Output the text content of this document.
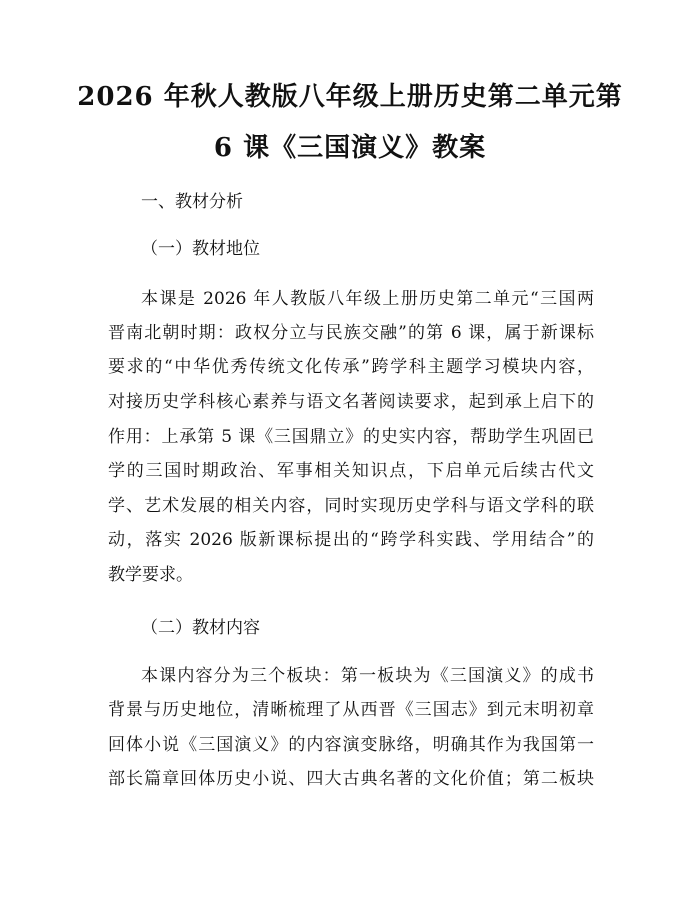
2026 年秋人教版八年级上册历史第二单元第
6 课《三国演义》教案
一、教材分析
（一）教材地位
本课是 2026 年人教版八年级上册历史第二单元“三国两
晋南北朝时期：政权分立与民族交融”的第 6 课，属于新课标
要求的“中华优秀传统文化传承”跨学科主题学习模块内容，
对接历史学科核心素养与语文名著阅读要求，起到承上启下的
作用：上承第 5 课《三国鼎立》的史实内容，帮助学生巩固已
学的三国时期政治、军事相关知识点，下启单元后续古代文
学、艺术发展的相关内容，同时实现历史学科与语文学科的联
动，落实 2026 版新课标提出的“跨学科实践、学用结合”的
教学要求。
（二）教材内容
本课内容分为三个板块：第一板块为《三国演义》的成书
背景与历史地位，清晰梳理了从西晋《三国志》到元末明初章
回体小说《三国演义》的内容演变脉络，明确其作为我国第一
部长篇章回体历史小说、四大古典名著的文化价值；第二板块
